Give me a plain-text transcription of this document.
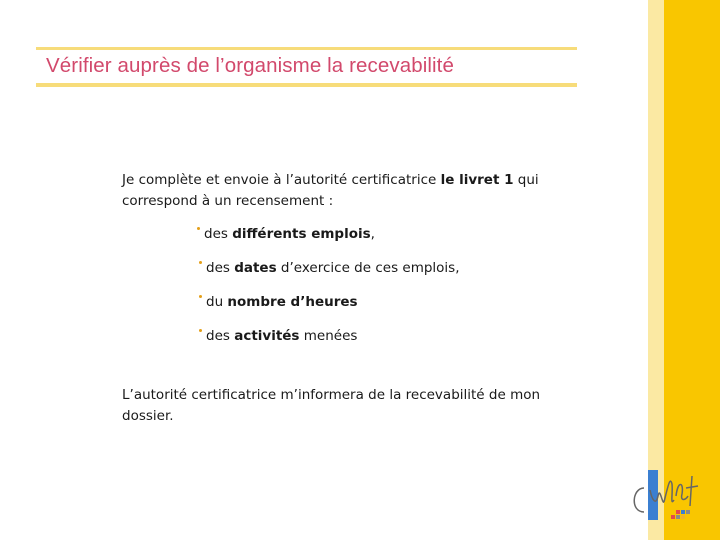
Vérifier auprès de l’organisme la recevabilité
Je complète et envoie à l’autorité certificatrice le livret 1 qui correspond à un recensement :
des différents emplois,
des dates d’exercice de ces emplois,
du nombre d’heures
des activités menées
L’autorité certificatrice m’informera de la recevabilité de mon dossier.
